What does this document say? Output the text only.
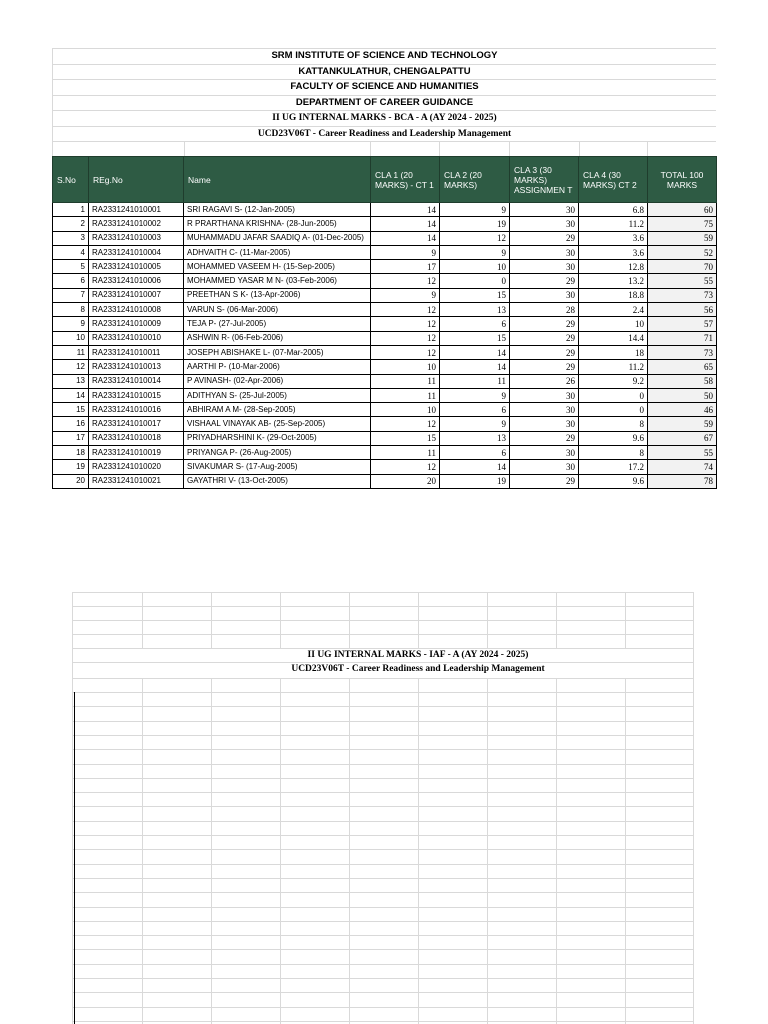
SRM INSTITUTE OF SCIENCE AND TECHNOLOGY
KATTANKULATHUR, CHENGALPATTU
FACULTY OF SCIENCE AND HUMANITIES
DEPARTMENT OF CAREER GUIDANCE
II UG INTERNAL MARKS - BCA - A (AY 2024 - 2025)
UCD23V06T - Career Readiness and Leadership Management
S.No	REg.No	Name	CLA 1 (20 MARKS) - CT 1	CLA 2 (20 MARKS)	CLA 3 (30 MARKS) ASSIGNMEN T	CLA 4 (30 MARKS) CT 2	TOTAL 100 MARKS
1	RA2331241010001	SRI RAGAVI S- (12-Jan-2005)	14	9	30	6.8	60
2	RA2331241010002	R PRARTHANA KRISHNA- (28-Jun-2005)	14	19	30	11.2	75
3	RA2331241010003	MUHAMMADU JAFAR SAADIQ A- (01-Dec-2005)	14	12	29	3.6	59
4	RA2331241010004	ADHVAITH C- (11-Mar-2005)	9	9	30	3.6	52
5	RA2331241010005	MOHAMMED VASEEM H- (15-Sep-2005)	17	10	30	12.8	70
6	RA2331241010006	MOHAMMED YASAR M N- (03-Feb-2006)	12	0	29	13.2	55
7	RA2331241010007	PREETHAN S K- (13-Apr-2006)	9	15	30	18.8	73
8	RA2331241010008	VARUN S- (06-Mar-2006)	12	13	28	2.4	56
9	RA2331241010009	TEJA P- (27-Jul-2005)	12	6	29	10	57
10	RA2331241010010	ASHWIN R- (06-Feb-2006)	12	15	29	14.4	71
11	RA2331241010011	JOSEPH ABISHAKE L- (07-Mar-2005)	12	14	29	18	73
12	RA2331241010013	AARTHI P- (10-Mar-2006)	10	14	29	11.2	65
13	RA2331241010014	P AVINASH- (02-Apr-2006)	11	11	26	9.2	58
14	RA2331241010015	ADITHYAN S- (25-Jul-2005)	11	9	30	0	50
15	RA2331241010016	ABHIRAM A M- (28-Sep-2005)	10	6	30	0	46
16	RA2331241010017	VISHAAL VINAYAK AB- (25-Sep-2005)	12	9	30	8	59
17	RA2331241010018	PRIYADHARSHINI K- (29-Oct-2005)	15	13	29	9.6	67
18	RA2331241010019	PRIYANGA P- (26-Aug-2005)	11	6	30	8	55
19	RA2331241010020	SIVAKUMAR S- (17-Aug-2005)	12	14	30	17.2	74
20	RA2331241010021	GAYATHRI V- (13-Oct-2005)	20	19	29	9.6	78
II UG INTERNAL MARKS - IAF - A (AY 2024 - 2025)
UCD23V06T - Career Readiness and Leadership Management
